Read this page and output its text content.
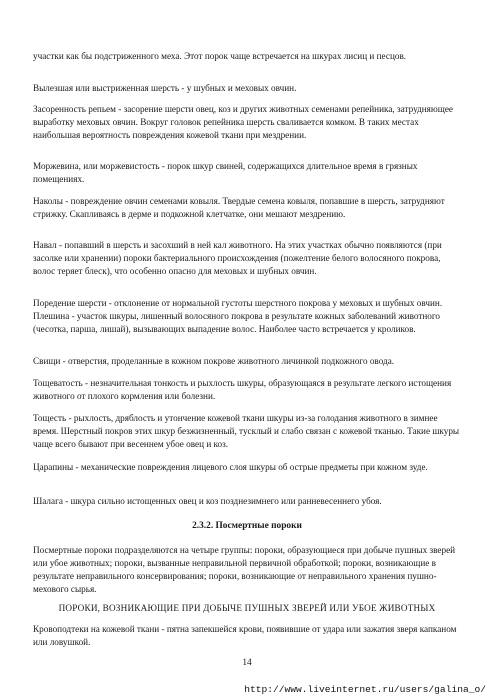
участки как бы подстриженного меха. Этот порок чаще встречается на шкурах лисиц и песцов.

Вылезшая или выстриженная шерсть - у шубных и меховых овчин.

Засоренность репьем - засорение шерсти овец, коз и других животных семенами репейника, затрудняющее выработку меховых овчин. Вокруг головок репейника шерсть сваливается комком. В таких местах наибольшая вероятность повреждения кожевой ткани при мездрении.

Моржевина, или моржевистость - порок шкур свиней, содержащихся длительное время в грязных помещениях.

Наколы - повреждение овчин семенами ковыля. Твердые семена ковыля, попавшие в шерсть, затрудняют стрижку. Скапливаясь в дерме и подкожной клетчатке, они мешают мездрению.

Навал - попавший в шерсть и засохший в ней кал животного. На этих участках обычно появляются (при засолке или хранении) пороки бактериального происхождения (пожелтение белого волосяного покрова, волос теряет блеск), что особенно опасно для меховых и шубных овчин.

Поредение шерсти - отклонение от нормальной густоты шерстного покрова у меховых и шубных овчин. Плешина - участок шкуры, лишенный волосяного покрова в результате кожных заболеваний животного (чесотка, парша, лишай), вызывающих выпадение волос. Наиболее часто встречается у кроликов.

Свищи - отверстия, проделанные в кожном покрове животного личинкой подкожного овода.

Тощеватость - незначительная тонкость и рыхлость шкуры, образующаяся в результате легкого истощения животного от плохого кормления или болезни.

Тощесть - рыхлость, дряблость и утончение кожевой ткани шкуры из-за голодания животного в зимнее время. Шерстный покров этих шкур безжизненный, тусклый и слабо связан с кожевой тканью. Такие шкуры чаще всего бывают при весеннем убое овец и коз.

Царапины - механические повреждения лицевого слоя шкуры об острые предметы при кожном зуде.

Шалага - шкура сильно истощенных овец и коз позднезимнего или ранневесеннего убоя.

2.3.2. Посмертные пороки

Посмертные пороки подразделяются на четыре группы: пороки, образующиеся при добыче пушных зверей или убое животных; пороки, вызванные неправильной первичной обработкой; пороки, возникающие в результате неправильного консервирования; пороки, возникающие от неправильного хранения пушно-мехового сырья.

ПОРОКИ, ВОЗНИКАЮЩИЕ ПРИ ДОБЫЧЕ ПУШНЫХ ЗВЕРЕЙ ИЛИ УБОЕ ЖИВОТНЫХ

Кровоподтеки на кожевой ткани - пятна запекшейся крови, появившие от удара или зажатия зверя капканом или ловушкой.

14
http://www.liveinternet.ru/users/galina_o/
